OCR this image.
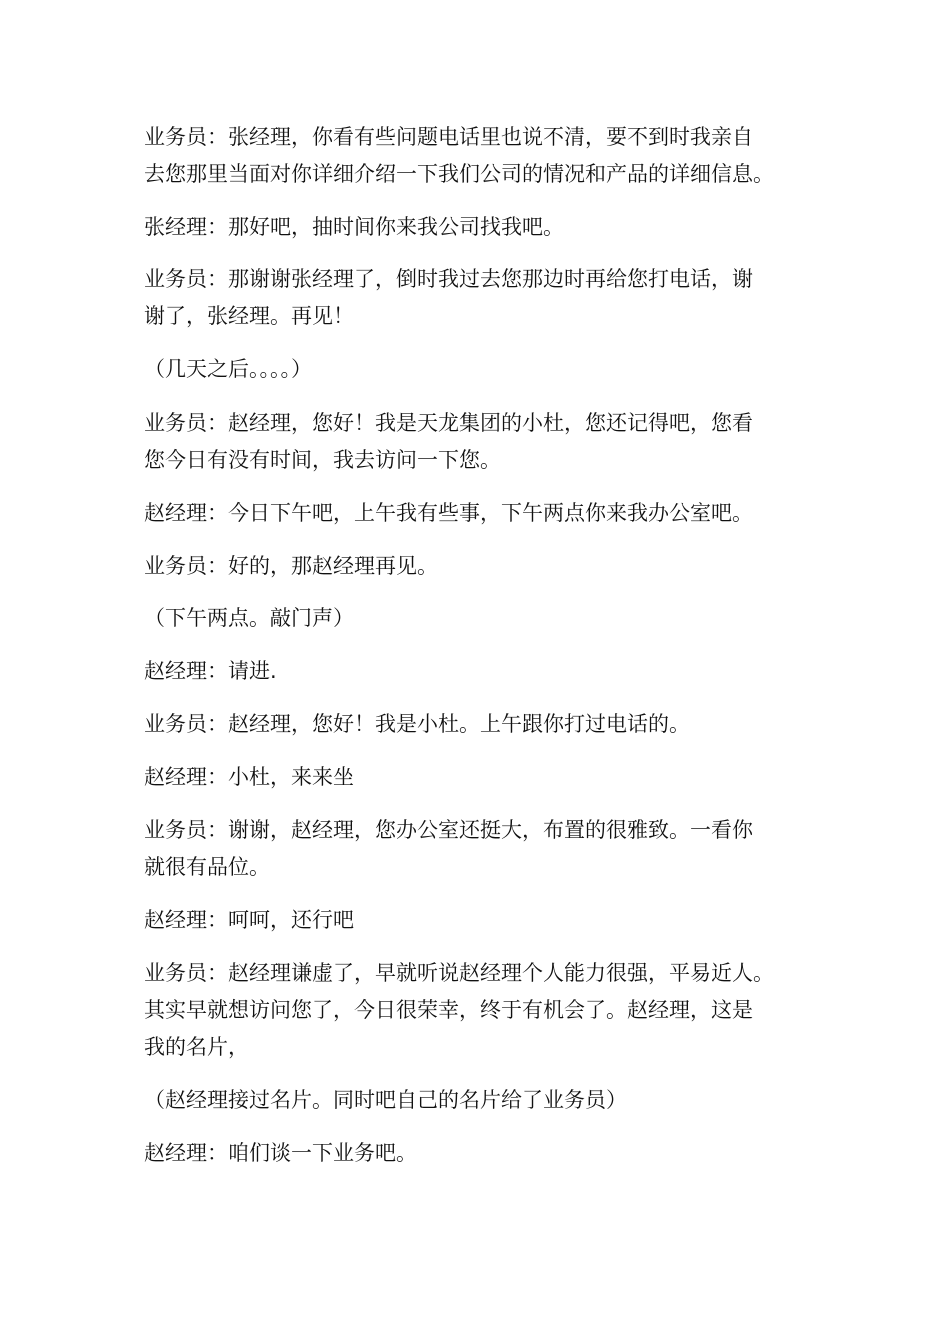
业务员：张经理，你看有些问题电话里也说不清，要不到时我亲自
去您那里当面对你详细介绍一下我们公司的情况和产品的详细信息。

张经理：那好吧，抽时间你来我公司找我吧。

业务员：那谢谢张经理了，倒时我过去您那边时再给您打电话，谢
谢了，张经理。再见！

（几天之后。。。。）

业务员：赵经理，您好！我是天龙集团的小杜，您还记得吧，您看
您今日有没有时间，我去访问一下您。

赵经理：今日下午吧，上午我有些事，下午两点你来我办公室吧。

业务员：好的，那赵经理再见。

（下午两点。敲门声）

赵经理：请进.

业务员：赵经理，您好！我是小杜。上午跟你打过电话的。

赵经理：小杜，来来坐

业务员：谢谢，赵经理，您办公室还挺大，布置的很雅致。一看你
就很有品位。

赵经理：呵呵，还行吧

业务员：赵经理谦虚了，早就听说赵经理个人能力很强，平易近人。
其实早就想访问您了，今日很荣幸，终于有机会了。赵经理，这是
我的名片，

（赵经理接过名片。同时吧自己的名片给了业务员）

赵经理：咱们谈一下业务吧。
